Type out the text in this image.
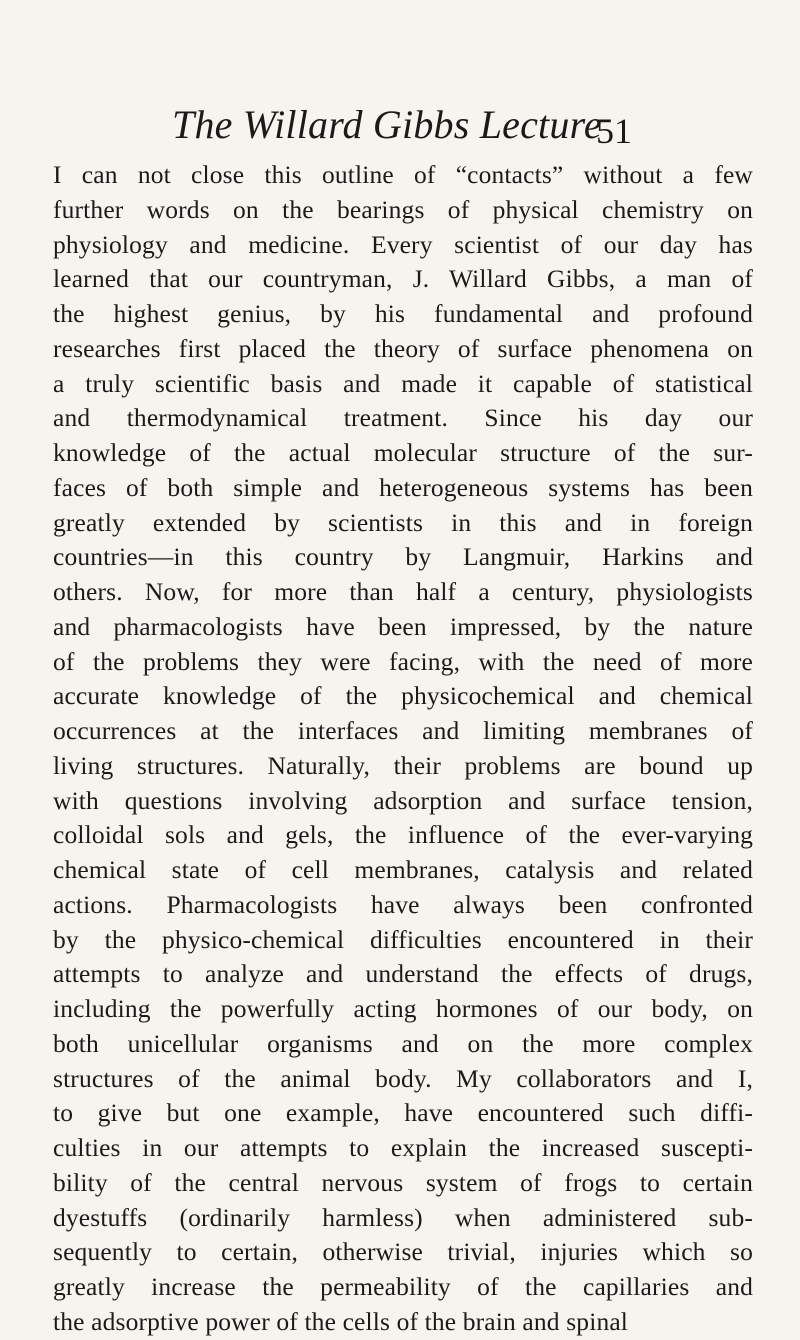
The Willard Gibbs Lecture
51
I can not close this outline of “contacts” without a few
further words on the bearings of physical chemistry on
physiology and medicine. Every scientist of our day has
learned that our countryman, J. Willard Gibbs, a man of
the highest genius, by his fundamental and profound
researches first placed the theory of surface phenomena on
a truly scientific basis and made it capable of statistical
and thermodynamical treatment. Since his day our
knowledge of the actual molecular structure of the sur-
faces of both simple and heterogeneous systems has been
greatly extended by scientists in this and in foreign
countries—in this country by Langmuir, Harkins and
others. Now, for more than half a century, physiologists
and pharmacologists have been impressed, by the nature
of the problems they were facing, with the need of more
accurate knowledge of the physicochemical and chemical
occurrences at the interfaces and limiting membranes of
living structures. Naturally, their problems are bound up
with questions involving adsorption and surface tension,
colloidal sols and gels, the influence of the ever-varying
chemical state of cell membranes, catalysis and related
actions. Pharmacologists have always been confronted
by the physico-chemical difficulties encountered in their
attempts to analyze and understand the effects of drugs,
including the powerfully acting hormones of our body, on
both unicellular organisms and on the more complex
structures of the animal body. My collaborators and I,
to give but one example, have encountered such diffi-
culties in our attempts to explain the increased suscepti-
bility of the central nervous system of frogs to certain
dyestuffs (ordinarily harmless) when administered sub-
sequently to certain, otherwise trivial, injuries which so
greatly increase the permeability of the capillaries and
the adsorptive power of the cells of the brain and spinal
